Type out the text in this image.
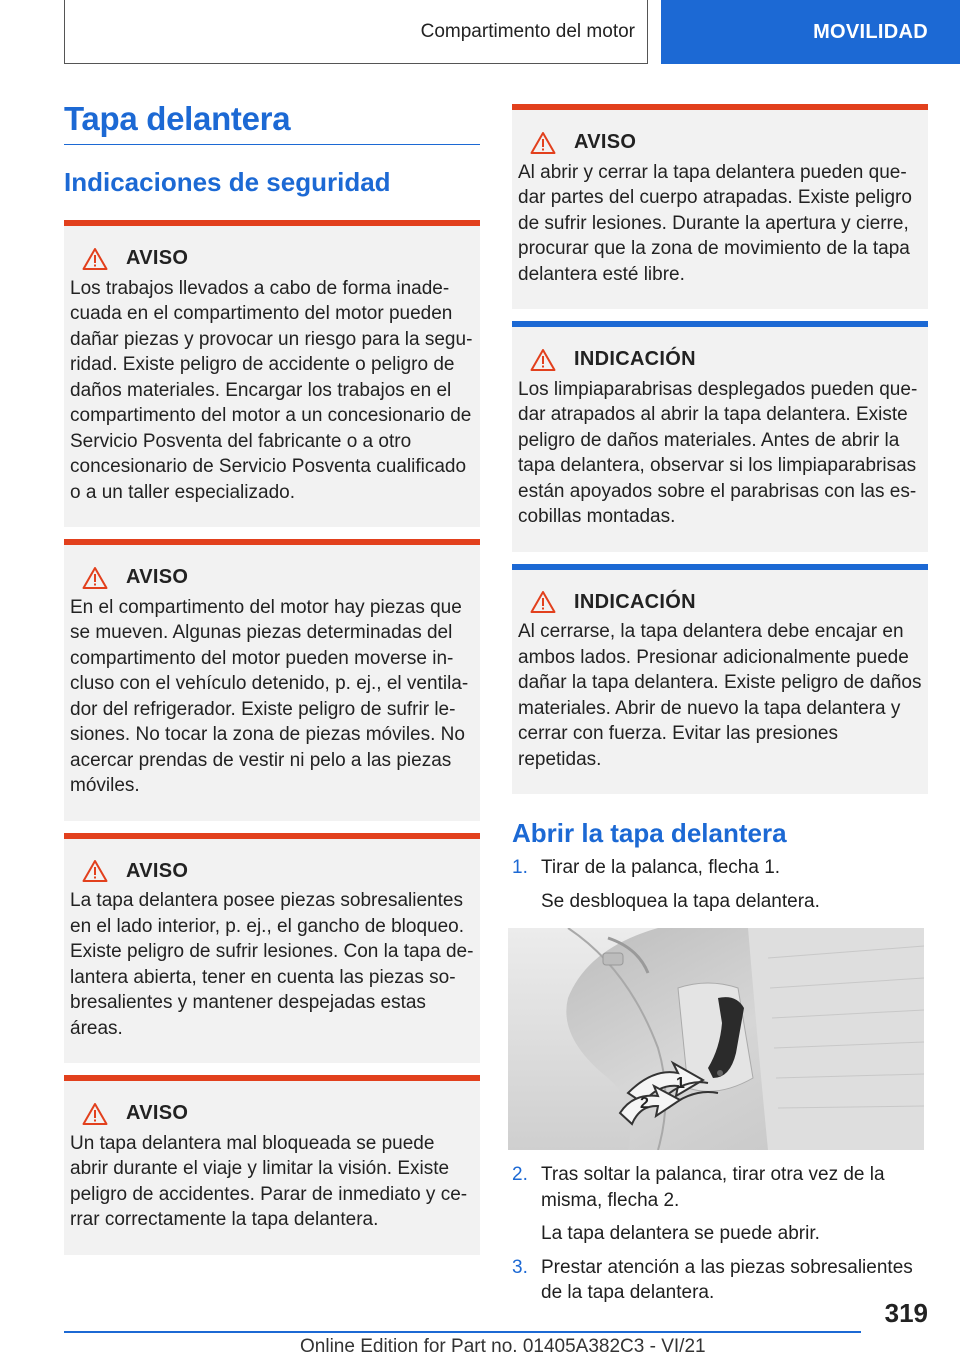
Compartimento del motor	MOVILIDAD
Tapa delantera
Indicaciones de seguridad
AVISO
Los trabajos llevados a cabo de forma inadecuada en el compartimento del motor pueden dañar piezas y provocar un riesgo para la seguridad. Existe peligro de accidente o peligro de daños materiales. Encargar los trabajos en el compartimento del motor a un concesionario de Servicio Posventa del fabricante o a otro concesionario de Servicio Posventa cualificado o a un taller especializado.
AVISO
En el compartimento del motor hay piezas que se mueven. Algunas piezas determinadas del compartimento del motor pueden moverse incluso con el vehículo detenido, p. ej., el ventilador del refrigerador. Existe peligro de sufrir lesiones. No tocar la zona de piezas móviles. No acercar prendas de vestir ni pelo a las piezas móviles.
AVISO
La tapa delantera posee piezas sobresalientes en el lado interior, p. ej., el gancho de bloqueo. Existe peligro de sufrir lesiones. Con la tapa delantera abierta, tener en cuenta las piezas sobresalientes y mantener despejadas estas áreas.
AVISO
Un tapa delantera mal bloqueada se puede abrir durante el viaje y limitar la visión. Existe peligro de accidentes. Parar de inmediato y cerrar correctamente la tapa delantera.
AVISO
Al abrir y cerrar la tapa delantera pueden quedar partes del cuerpo atrapadas. Existe peligro de sufrir lesiones. Durante la apertura y cierre, procurar que la zona de movimiento de la tapa delantera esté libre.
INDICACIÓN
Los limpiaparabrisas desplegados pueden quedar atrapados al abrir la tapa delantera. Existe peligro de daños materiales. Antes de abrir la tapa delantera, observar si los limpiaparabrisas están apoyados sobre el parabrisas con las escobillas montadas.
INDICACIÓN
Al cerrarse, la tapa delantera debe encajar en ambos lados. Presionar adicionalmente puede dañar la tapa delantera. Existe peligro de daños materiales. Abrir de nuevo la tapa delantera y cerrar con fuerza. Evitar las presiones repetidas.
Abrir la tapa delantera
1. Tirar de la palanca, flecha 1.

Se desbloquea la tapa delantera.

1
2
2. Tras soltar la palanca, tirar otra vez de la misma, flecha 2.

La tapa delantera se puede abrir.

3. Prestar atención a las piezas sobresalientes de la tapa delantera.

319
Online Edition for Part no. 01405A382C3 - VI/21
